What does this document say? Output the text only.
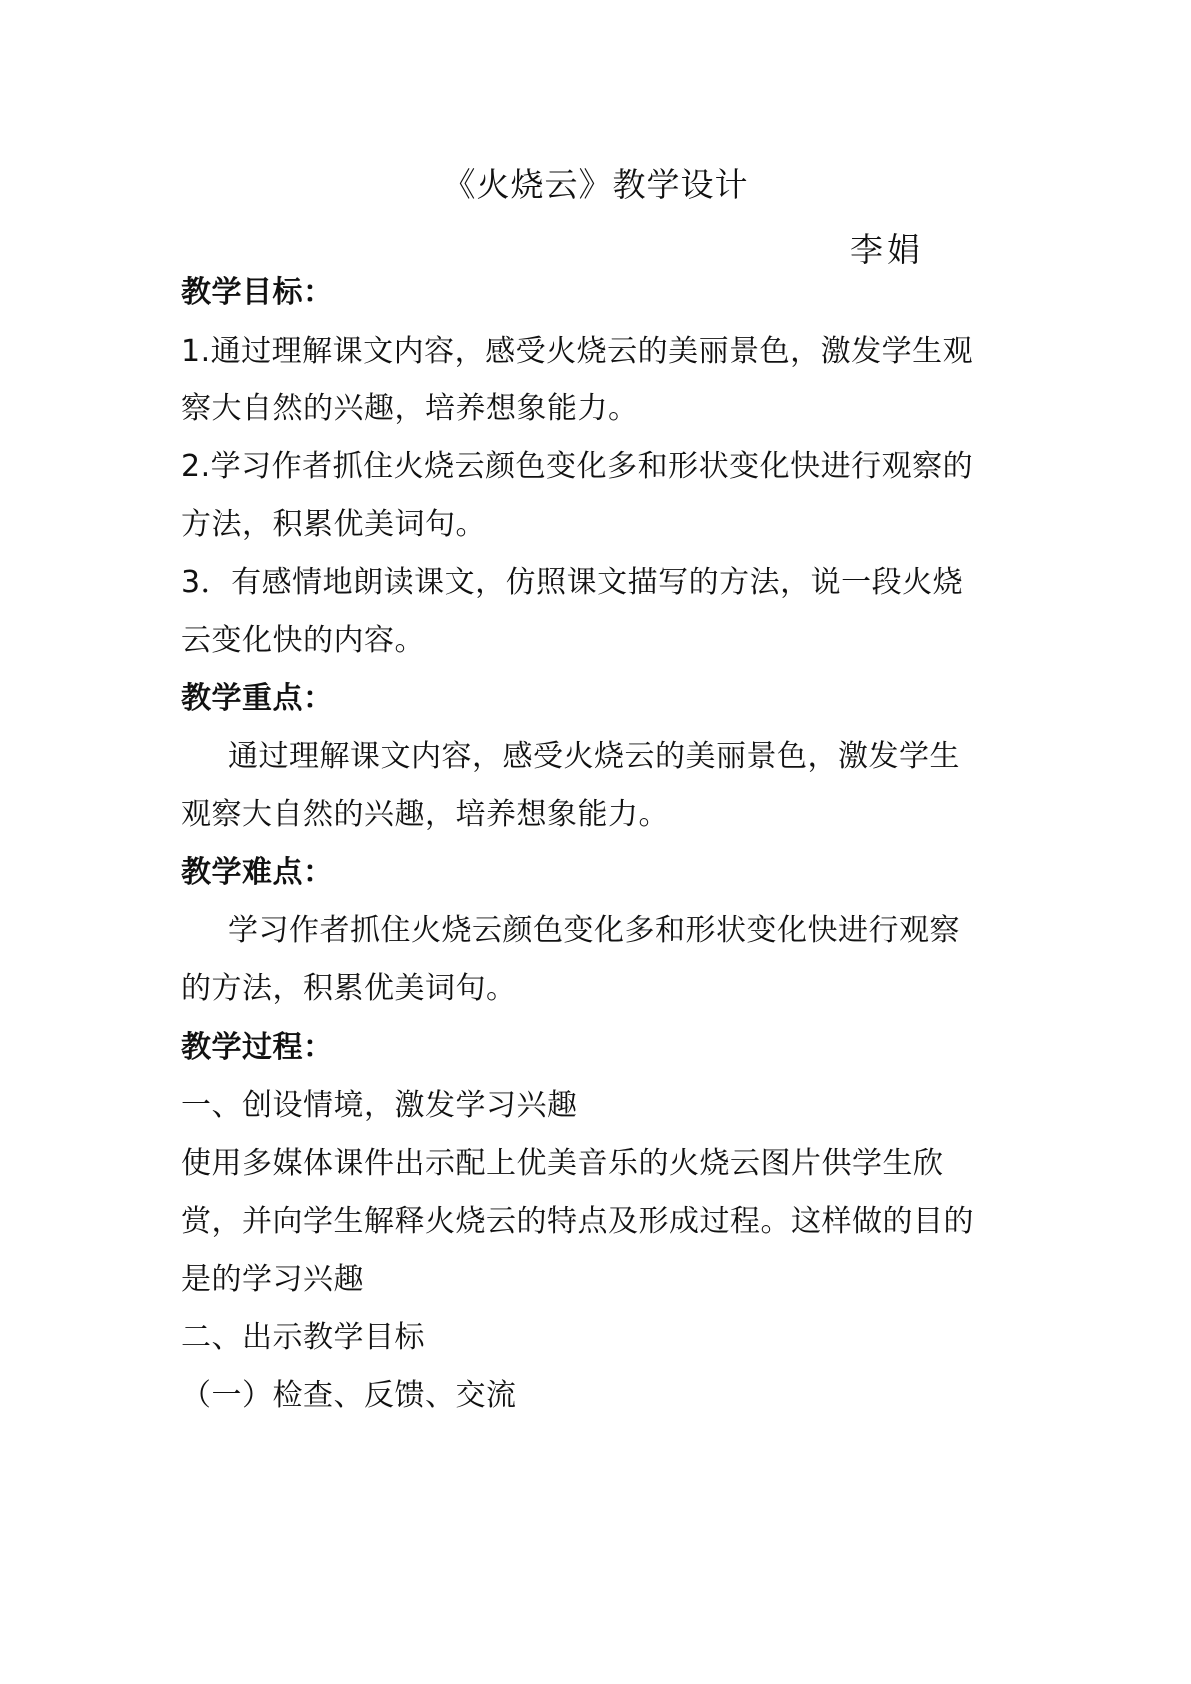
《火烧云》教学设计
李娟
教学目标：
1.通过理解课文内容，感受火烧云的美丽景色，激发学生观
察大自然的兴趣，培养想象能力。
2.学习作者抓住火烧云颜色变化多和形状变化快进行观察的
方法，积累优美词句。
3．有感情地朗读课文，仿照课文描写的方法，说一段火烧
云变化快的内容。
教学重点：
通过理解课文内容，感受火烧云的美丽景色，激发学生
观察大自然的兴趣，培养想象能力。
教学难点：
学习作者抓住火烧云颜色变化多和形状变化快进行观察
的方法，积累优美词句。
教学过程：
一、创设情境，激发学习兴趣
使用多媒体课件出示配上优美音乐的火烧云图片供学生欣
赏，并向学生解释火烧云的特点及形成过程。这样做的目的
是的学习兴趣
二、出示教学目标
（一）检查、反馈、交流
